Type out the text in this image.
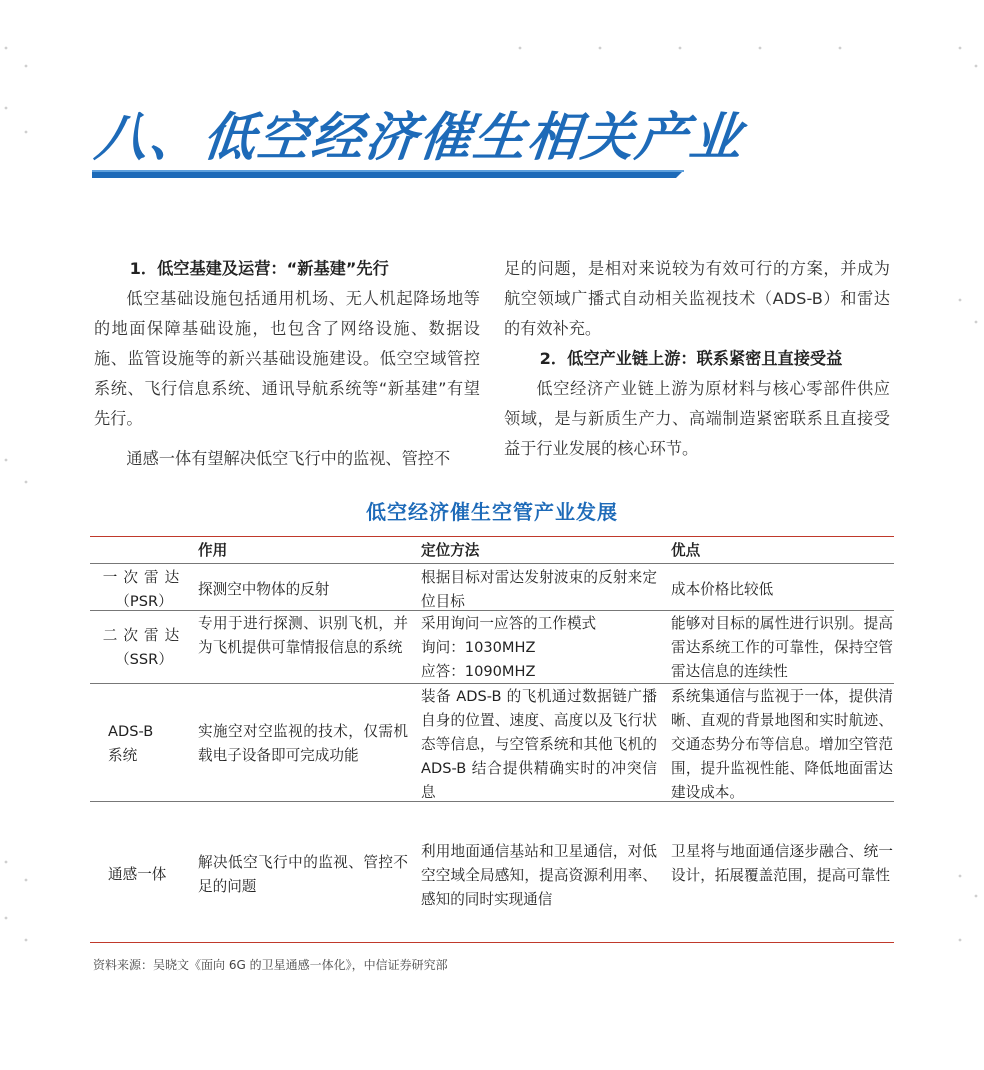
八、低空经济催生相关产业
1．低空基建及运营：“新基建”先行

低空基础设施包括通用机场、无人机起降场地等的地面保障基础设施，也包含了网络设施、数据设施、监管设施等的新兴基础设施建设。低空空域管控系统、飞行信息系统、通讯导航系统等“新基建”有望先行。

通感一体有望解决低空飞行中的监视、管控不

足的问题，是相对来说较为有效可行的方案，并成为航空领域广播式自动相关监视技术（ADS-B）和雷达的有效补充。

2．低空产业链上游：联系紧密且直接受益

低空经济产业链上游为原材料与核心零部件供应领域，是与新质生产力、高端制造紧密联系且直接受益于行业发展的核心环节。

低空经济催生空管产业发展
作用	定位方法	优点
一次雷达
（PSR）
探测空中物体的反射
根据目标对雷达发射波束的反射来定位目标
成本价格比较低
二次雷达
（SSR）
专用于进行探测、识别飞机，并为飞机提供可靠情报信息的系统
采用询问一应答的工作模式
询问：1030MHZ
应答：1090MHZ
能够对目标的属性进行识别。提高雷达系统工作的可靠性，保持空管雷达信息的连续性
ADS-B
系统
实施空对空监视的技术，仅需机载电子设备即可完成功能
装备 ADS-B 的飞机通过数据链广播自身的位置、速度、高度以及飞行状态等信息，与空管系统和其他飞机的 ADS-B 结合提供精确实时的冲突信息
系统集通信与监视于一体，提供清晰、直观的背景地图和实时航迹、交通态势分布等信息。增加空管范围，提升监视性能、降低地面雷达建设成本。
通感一体
解决低空飞行中的监视、管控不足的问题
利用地面通信基站和卫星通信，对低空空域全局感知，提高资源利用率、感知的同时实现通信
卫星将与地面通信逐步融合、统一设计，拓展覆盖范围，提高可靠性
资料来源：吴晓文《面向 6G 的卫星通感一体化》，中信证券研究部
